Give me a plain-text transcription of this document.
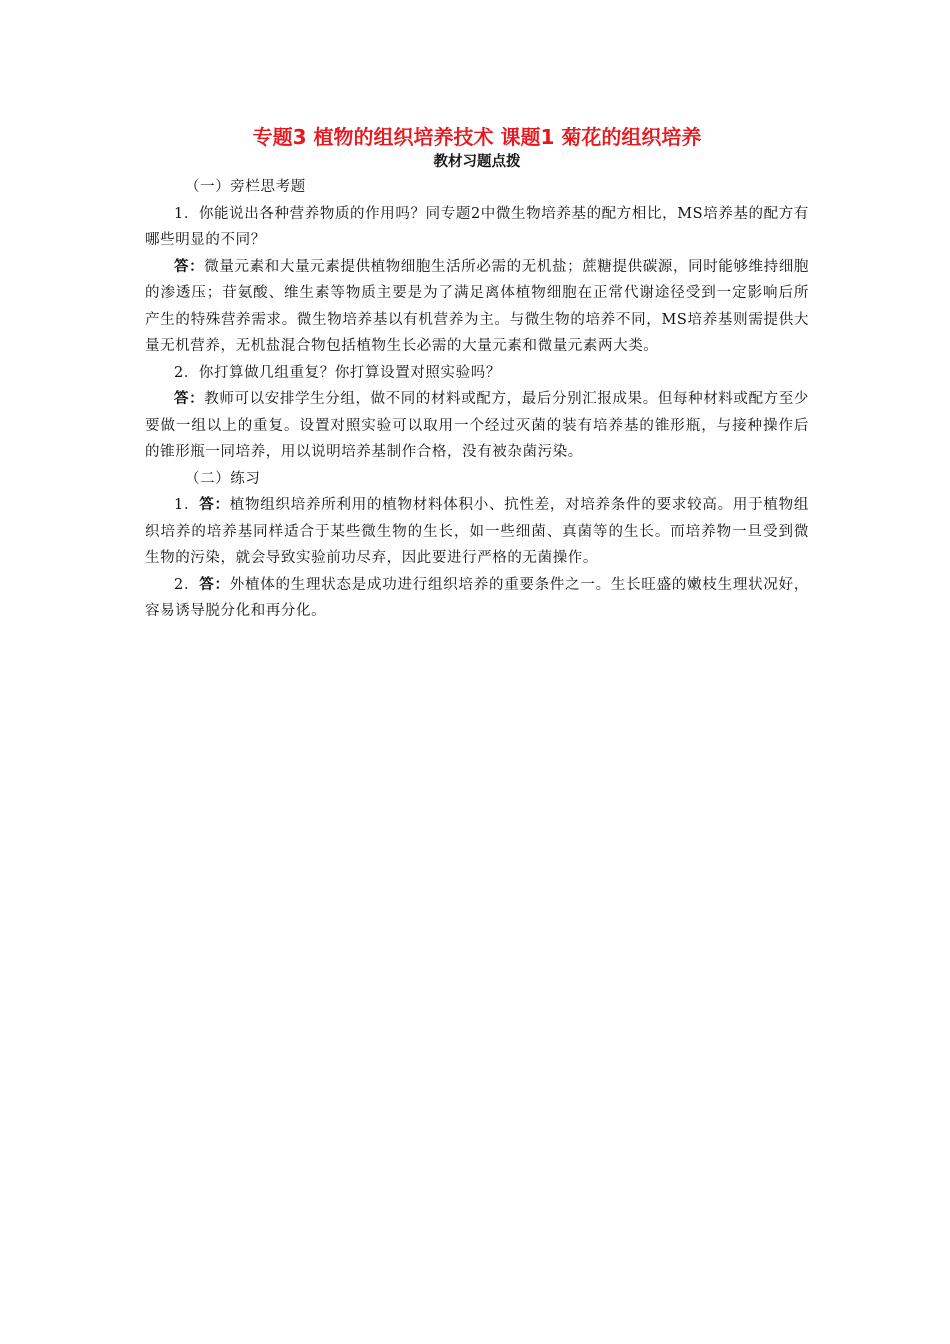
专题3 植物的组织培养技术 课题1 菊花的组织培养
教材习题点拨
（一）旁栏思考题

1．你能说出各种营养物质的作用吗？同专题2中微生物培养基的配方相比，MS培养基的配方有哪些明显的不同？

答：微量元素和大量元素提供植物细胞生活所必需的无机盐；蔗糖提供碳源，同时能够维持细胞的渗透压；苷氨酸、维生素等物质主要是为了满足离体植物细胞在正常代谢途径受到一定影响后所产生的特殊营养需求。微生物培养基以有机营养为主。与微生物的培养不同，MS培养基则需提供大量无机营养，无机盐混合物包括植物生长必需的大量元素和微量元素两大类。

2．你打算做几组重复？你打算设置对照实验吗？

答：教师可以安排学生分组，做不同的材料或配方，最后分别汇报成果。但每种材料或配方至少要做一组以上的重复。设置对照实验可以取用一个经过灭菌的装有培养基的锥形瓶，与接种操作后的锥形瓶一同培养，用以说明培养基制作合格，没有被杂菌污染。

（二）练习

1．答：植物组织培养所利用的植物材料体积小、抗性差，对培养条件的要求较高。用于植物组织培养的培养基同样适合于某些微生物的生长，如一些细菌、真菌等的生长。而培养物一旦受到微生物的污染，就会导致实验前功尽弃，因此要进行严格的无菌操作。

2．答：外植体的生理状态是成功进行组织培养的重要条件之一。生长旺盛的嫩枝生理状况好，容易诱导脱分化和再分化。
